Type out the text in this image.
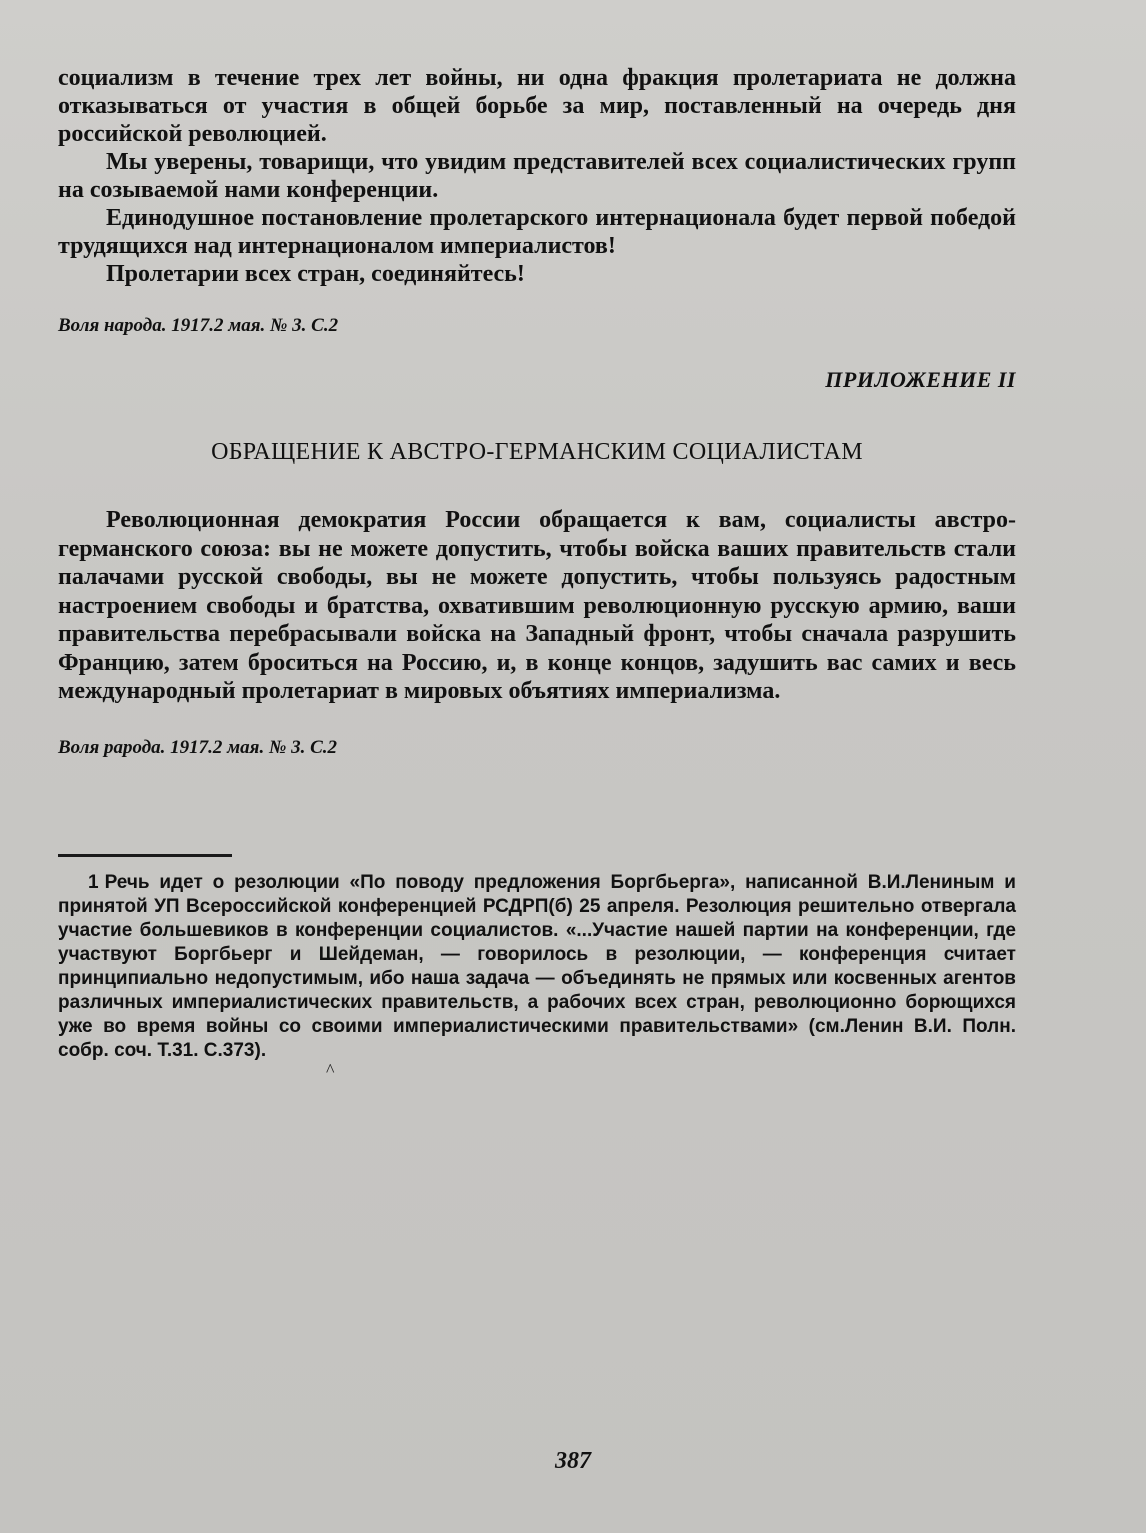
социализм в течение трех лет войны, ни одна фракция пролетариата не должна отказываться от участия в общей борьбе за мир, поставленный на очередь дня российской революцией.

Мы уверены, товарищи, что увидим представителей всех социалистических групп на созываемой нами конференции.

Единодушное постановление пролетарского интернационала будет первой победой трудящихся над интернационалом империалистов!

Пролетарии всех стран, соединяйтесь!

Воля народа. 1917.2 мая. № 3. С.2

ПРИЛОЖЕНИЕ II

ОБРАЩЕНИЕ К АВСТРО-ГЕРМАНСКИМ СОЦИАЛИСТАМ

Революционная демократия России обращается к вам, социалисты австро-германского союза: вы не можете допустить, чтобы войска ваших правительств стали палачами русской свободы, вы не можете допустить, чтобы пользуясь радостным настроением свободы и братства, охватившим революционную русскую армию, ваши правительства перебрасывали войска на Западный фронт, чтобы сначала разрушить Францию, затем броситься на Россию, и, в конце концов, задушить вас самих и весь международный пролетариат в мировых объятиях империализма.

Воля рарода. 1917.2 мая. № 3. С.2

1 Речь идет о резолюции «По поводу предложения Боргбьерга», написанной В.И.Лениным и принятой УП Всероссийской конференцией РСДРП(б) 25 апреля. Резолюция решительно отвергала участие большевиков в конференции социалистов. «...Участие нашей партии на конференции, где участвуют Боргбьерг и Шейдеман, — говорилось в резолюции, — конференция считает принципиально недопустимым, ибо наша задача — объединять не прямых или косвенных агентов различных империалистических правительств, а рабочих всех стран, революционно борющихся уже во время войны со своими империалистическими правительствами» (см.Ленин В.И. Полн. собр. соч. Т.31. С.373).

^
387
